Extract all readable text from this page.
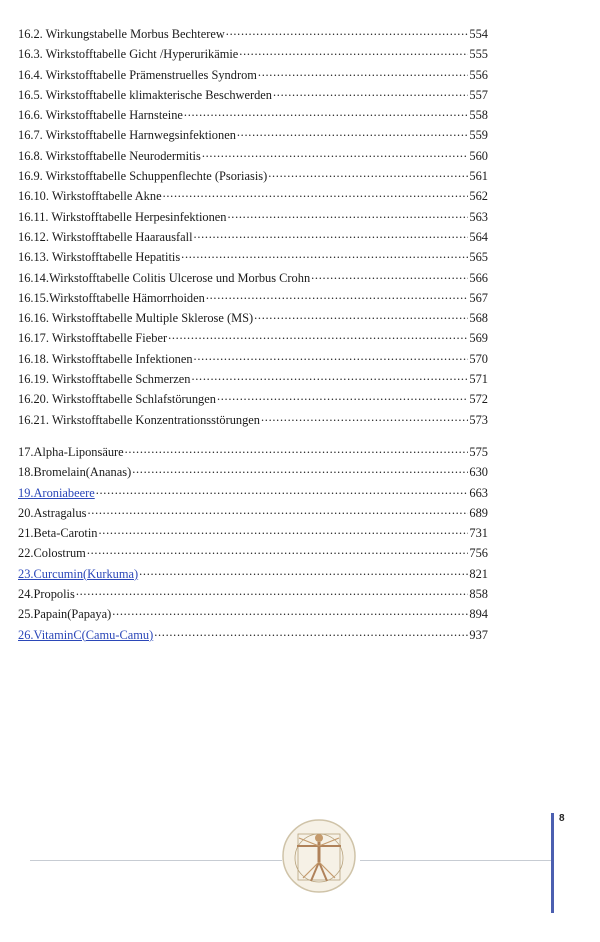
16.2. Wirkungstabelle Morbus Bechterew . . .	554
16.3. Wirkstofftabelle Gicht /Hyperurikämie . . .	555
16.4. Wirkstofftabelle Prämenstruelles Syndrom . . .	556
16.5. Wirkstofftabelle klimakterische Beschwerden . . .	557
16.6. Wirkstofftabelle Harnsteine . . .	558
16.7. Wirkstofftabelle Harnwegsinfektionen . . .	559
16.8. Wirkstofftabelle Neurodermitis . . .	560
16.9. Wirkstofftabelle Schuppenflechte (Psoriasis) . . .	561
16.10. Wirkstofftabelle Akne . . .	562
16.11. Wirkstofftabelle Herpesinfektionen . . .	563
16.12. Wirkstofftabelle Haarausfall . . .	564
16.13. Wirkstofftabelle Hepatitis . . .	565
16.14.Wirkstofftabelle Colitis Ulcerose und Morbus Crohn . . .	566
16.15.Wirkstofftabelle Hämorrhoiden . . .	567
16.16. Wirkstofftabelle Multiple Sklerose (MS) . . .	568
16.17. Wirkstofftabelle Fieber . . .	569
16.18. Wirkstofftabelle Infektionen . . .	570
16.19. Wirkstofftabelle Schmerzen . . .	571
16.20. Wirkstofftabelle Schlafstörungen . . .	572
16.21. Wirkstofftabelle Konzentrationsstörungen . . .	573
17.Alpha-Liponsäure . . .	575
18.Bromelain(Ananas) . . .	630
19.Aroniabeere . . .	663
20.Astragalus . . .	689
21.Beta-Carotin . . .	731
22.Colostrum . . .	756
23.Curcumin(Kurkuma) . . .	821
24.Propolis . . .	858
25.Papain(Papaya) . . .	894
26.VitaminC(Camu-Camu) . . .	937
8
